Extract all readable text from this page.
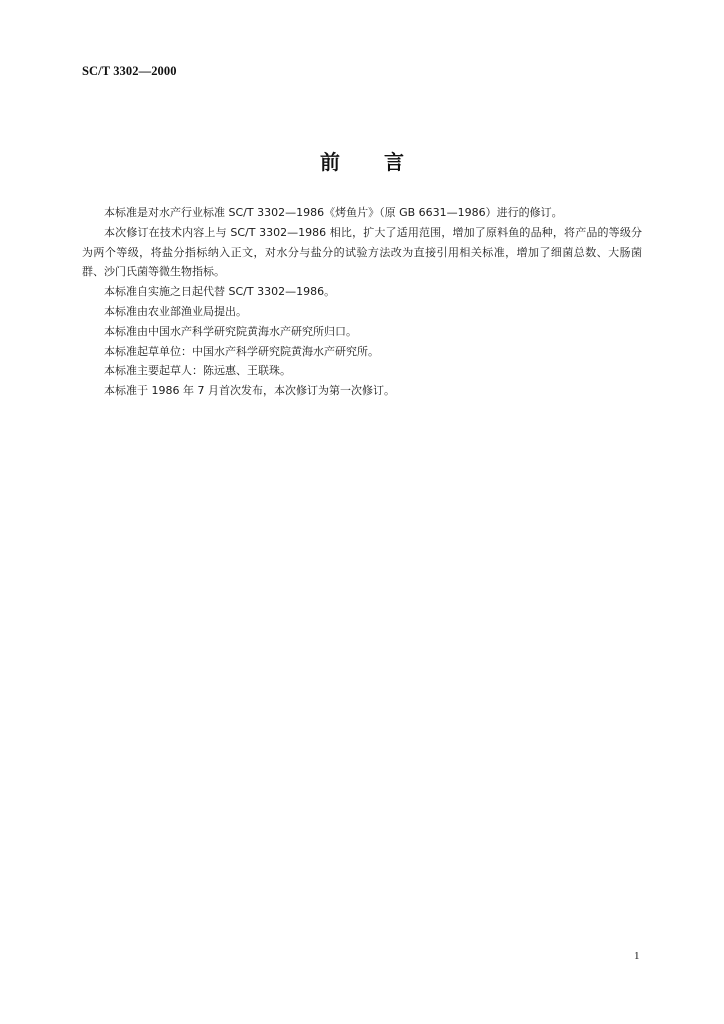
SC/T 3302—2000
前 言

本标准是对水产行业标准 SC/T 3302—1986《烤鱼片》（原 GB 6631—1986）进行的修订。

本次修订在技术内容上与 SC/T 3302—1986 相比，扩大了适用范围，增加了原料鱼的品种，将产品的等级分为两个等级，将盐分指标纳入正文，对水分与盐分的试验方法改为直接引用相关标准，增加了细菌总数、大肠菌群、沙门氏菌等微生物指标。

本标准自实施之日起代替 SC/T 3302—1986。

本标准由农业部渔业局提出。

本标准由中国水产科学研究院黄海水产研究所归口。

本标准起草单位：中国水产科学研究院黄海水产研究所。

本标准主要起草人：陈远惠、王联珠。

本标准于 1986 年 7 月首次发布，本次修订为第一次修订。

1
